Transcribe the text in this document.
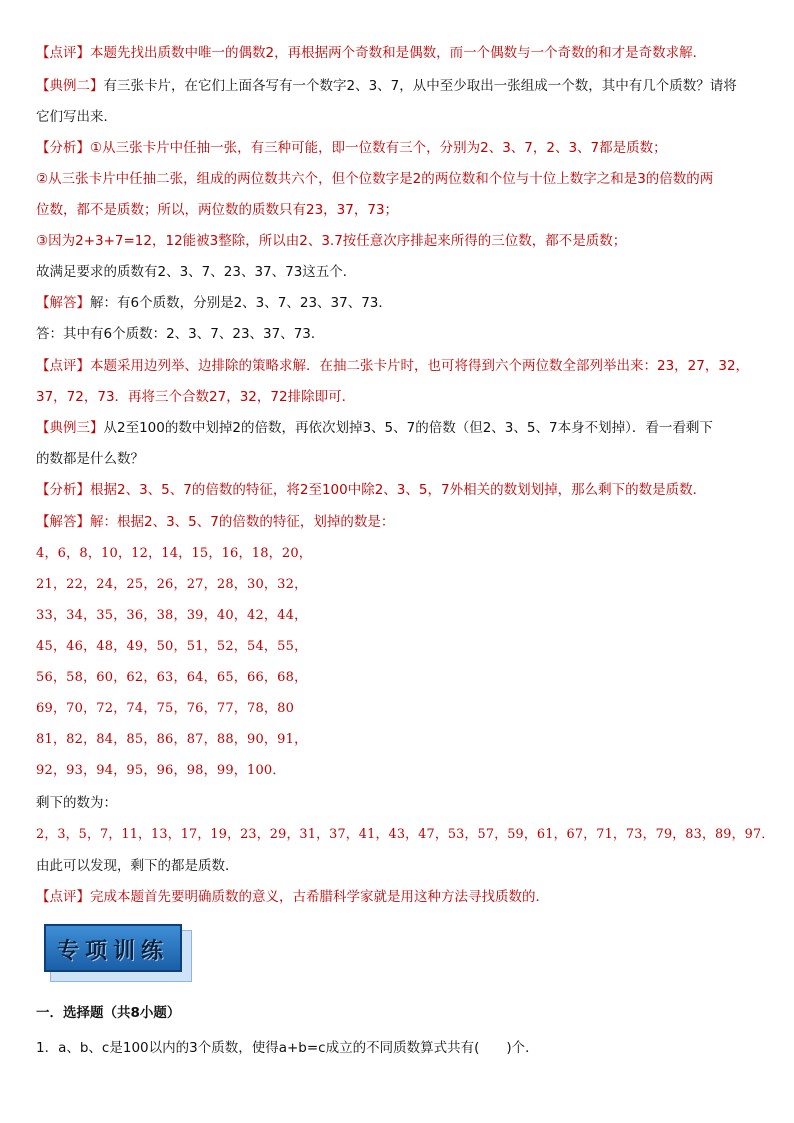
【点评】本题先找出质数中唯一的偶数2，再根据两个奇数和是偶数，而一个偶数与一个奇数的和才是奇数求解．
【典例二】有三张卡片，在它们上面各写有一个数字2、3、7，从中至少取出一张组成一个数，其中有几个质数？请将
它们写出来．
【分析】①从三张卡片中任抽一张，有三种可能，即一位数有三个，分别为2、3、7，2、3、7都是质数；
②从三张卡片中任抽二张，组成的两位数共六个，但个位数字是2的两位数和个位与十位上数字之和是3的倍数的两
位数，都不是质数；所以，两位数的质数只有23，37，73；
③因为2+3+7=12，12能被3整除，所以由2、3.7按任意次序排起来所得的三位数，都不是质数；
故满足要求的质数有2、3、7、23、37、73这五个．
【解答】解：有6个质数，分别是2、3、7、23、37、73．
答：其中有6个质数：2、3、7、23、37、73．
【点评】本题采用边列举、边排除的策略求解．在抽二张卡片时，也可将得到六个两位数全部列举出来：23，27，32，
37，72，73．再将三个合数27，32，72排除即可．
【典例三】从2至100的数中划掉2的倍数，再依次划掉3、5、7的倍数（但2、3、5、7本身不划掉）．看一看剩下
的数都是什么数？
【分析】根据2、3、5、7的倍数的特征，将2至100中除2、3、5，7外相关的数划划掉，那么剩下的数是质数．
【解答】解：根据2、3、5、7的倍数的特征，划掉的数是：
4，6，8，10，12，14，15，16，18，20，
21，22，24，25，26，27，28，30，32，
33，34，35，36，38，39，40，42，44，
45，46，48，49，50，51，52，54，55，
56，58，60，62，63，64，65，66，68，
69，70，72，74，75，76，77，78，80
81，82，84，85，86，87，88，90，91，
92，93，94，95，96，98，99，100．
剩下的数为：
2，3，5，7，11，13，17，19，23，29，31，37，41，43，47，53，57，59，61，67，71，73，79，83，89，97．
由此可以发现，剩下的都是质数．
【点评】完成本题首先要明确质数的意义，古希腊科学家就是用这种方法寻找质数的．
专项训练
一．选择题（共8小题）
1．a、b、c是100以内的3个质数，使得a+b=c成立的不同质数算式共有(　　)个．
